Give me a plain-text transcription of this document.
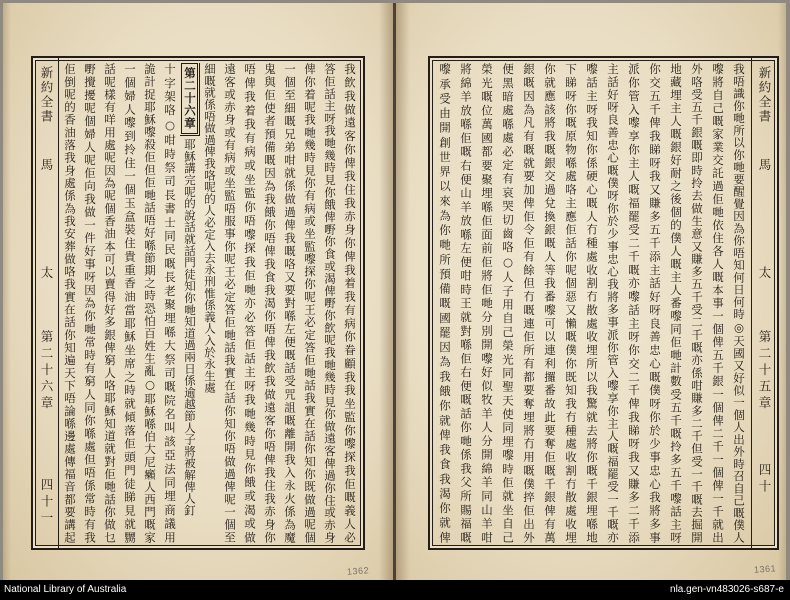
新約全書
馬
太
第二十六章
四十一	我飲我做遠客你俾我住我赤身你俾我着我有病你眷顧我我坐監你嚟探我佢嘅義人必
答佢話主呀我哋幾時見你餓俾嘢你食或渴俾嘢你飲呢我哋幾時見你做遠客俾過你住或赤身
俾你着呢我哋幾時見你有病或坐監嚟探你呢王必定答佢哋話我實在話你知你既做過呢個
一個至細嘅兄弟咁就係做過俾我嘅咯又要對喺左便嘅話受咒詛嘅離開我入永火係為魔
鬼與佢使者預備嘅因為我餓你唔俾我食我渴你唔俾我飲我做遠客你唔俾我住我赤身你
唔俾我着我有病或坐監你唔嚟探我佢哋亦必答佢話主呀我哋幾時見你餓或渴或做
遠客或赤身或有病或坐監唔服事你呢王必定答佢哋話我實在話你知你唔做過俾呢一個至
細嘅就係唔做過俾我咯呢的人必定入去永刑惟係義人入於永生處
第二十六章耶穌講完呢的說話就話門徒知你哋知道過兩日係逾越節人子將被解俾人釘
十字架咯○咁時祭司長書士同民嘅長老聚埋喺大祭司嘅院名叫該亞法同埋商議用
詭計捉耶穌嚟殺佢但佢哋話唔好喺節期之時恐怕百姓生亂○耶穌喺伯大尼癩人西門嘅家
一個婦人嚟到拎住一個玉盒裝住貴重香油當耶穌坐席之時就傾落佢頭門徒睇見就嬲
話呢樣有咩用處呢因為呢個香油本可以賣得好多銀俾窮人咯耶穌知道就對佢哋話你做乜
嘢攪擾呢個婦人呢佢向我做一件好事呀因為你哋常時有窮人同你喺處但唔係常時有我
佢倒呢的香油落我身處係為我安葬做咯我實在話你知遍天下唔論喺邊處傳福音都要講起
1362
新約全書
馬
太
第二十五章
四十
我唔識你哋所以你哋要醒覺因為你唔知何日何時◎天國又好似一個人出外時召自己嘅僕人
嚟將自己嘅家業交託過佢哋依住各人嘅本事一個俾五千銀一個俾二千一個俾一千就出
外咯受五千銀嘅即時拎去做生意又賺多五千受二千嘅亦係咁賺多二千但受一千嘅去掘開
地藏埋主人嘅銀好耐之後個的僕人嘅主人番嚟同佢哋計數受五千嘅拎多五千嚟話主呀
你交五千俾我睇呀我又賺多五千添主話好呀良善忠心嘅僕呀你於少事忠心我將多事
派你管入嚟享你主人嘅福罷受二千嘅亦嚟話主呀你交二千俾我睇呀我又賺多二千添
主話好呀良善忠心嘅僕呀你於少事忠心我將多事派你管入嚟享你主人嘅福罷受一千嘅亦
嚟話主呀我知你係硬心嘅人冇種處收割冇散處收埋所以我驚就去將你嘅千銀埋喺地
下睇呀你嘅原物喺處咯主應佢話你呢個惡又懶嘅僕你既知我冇種處收割冇散處收埋
你就應該將我嘅銀交過兌換銀嘅人等我番嚟可以連利攞番故此要奪佢嘅千銀俾有萬
銀嘅因為凡有嘅就要加俾佢令佢有餘但冇嘅連佢所有都要奪埋將冇用嘅僕捽佢出外
便黑暗處喺處必定有哀哭切齒咯○人子用自己榮光同聖天使同埋嚟時佢就坐自己
榮光嘅位萬國都要聚埋喺佢面前佢將佢哋分別開嚟好似牧羊人分開綿羊同山羊咁
將綿羊放喺佢嘅右便山羊放喺左便咁時王就對喺佢右便嘅話你哋係我父所賜福嘅
嚟承受由開創世界以來為你哋所預備嘅國罷因為我餓你就俾我食我渴你就俾
1361
National Library of Australia	nla.gen-vn483026-s687-e
